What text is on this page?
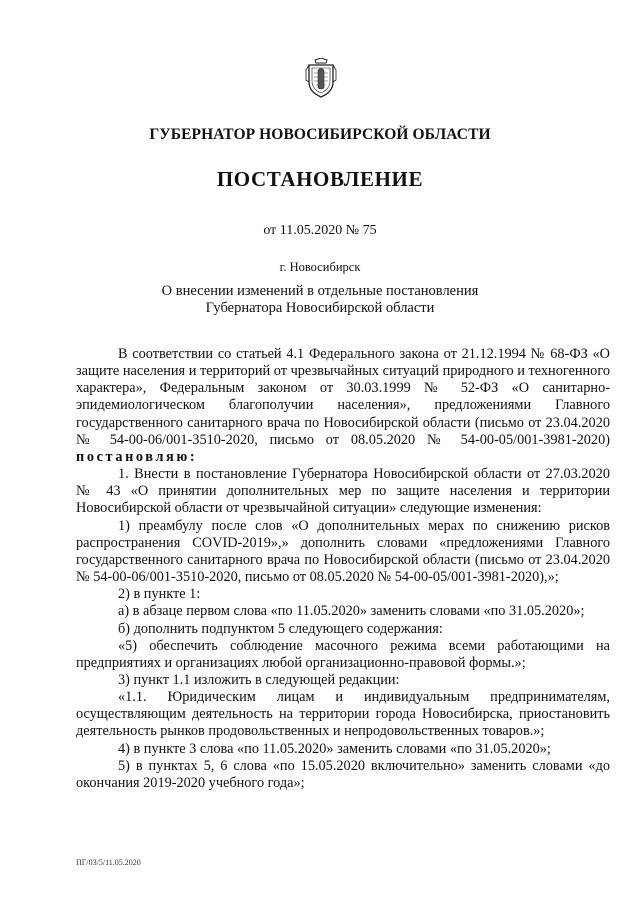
ГУБЕРНАТОР НОВОСИБИРСКОЙ ОБЛАСТИ
ПОСТАНОВЛЕНИЕ
от 11.05.2020 № 75
г. Новосибирск
О внесении изменений в отдельные постановления
Губернатора Новосибирской области

В соответствии со статьей 4.1 Федерального закона от 21.12.1994 № 68-ФЗ «О защите населения и территорий от чрезвычайных ситуаций природного и техногенного характера», Федеральным законом от 30.03.1999 № 52-ФЗ «О санитарно-эпидемиологическом благополучии населения», предложениями Главного государственного санитарного врача по Новосибирской области (письмо от 23.04.2020 № 54-00-06/001-3510-2020, письмо от 08.05.2020 № 54-00-05/001-3981-2020) постановляю:

1. Внести в постановление Губернатора Новосибирской области от 27.03.2020 № 43 «О принятии дополнительных мер по защите населения и территории Новосибирской области от чрезвычайной ситуации» следующие изменения:

1) преамбулу после слов «О дополнительных мерах по снижению рисков распространения COVID-2019»,» дополнить словами «предложениями Главного государственного санитарного врача по Новосибирской области (письмо от 23.04.2020 № 54-00-06/001-3510-2020, письмо от 08.05.2020 № 54-00-05/001-3981-2020),»;

2) в пункте 1:

а) в абзаце первом слова «по 11.05.2020» заменить словами «по 31.05.2020»;

б) дополнить подпунктом 5 следующего содержания:

«5) обеспечить соблюдение масочного режима всеми работающими на предприятиях и организациях любой организационно-правовой формы.»;

3) пункт 1.1 изложить в следующей редакции:

«1.1. Юридическим лицам и индивидуальным предпринимателям, осуществляющим деятельность на территории города Новосибирска, приостановить деятельность рынков продовольственных и непродовольственных товаров.»;

4) в пункте 3 слова «по 11.05.2020» заменить словами «по 31.05.2020»;

5) в пунктах 5, 6 слова «по 15.05.2020 включительно» заменить словами «до окончания 2019-2020 учебного года»;

ПГ/03/5/11.05.2020
